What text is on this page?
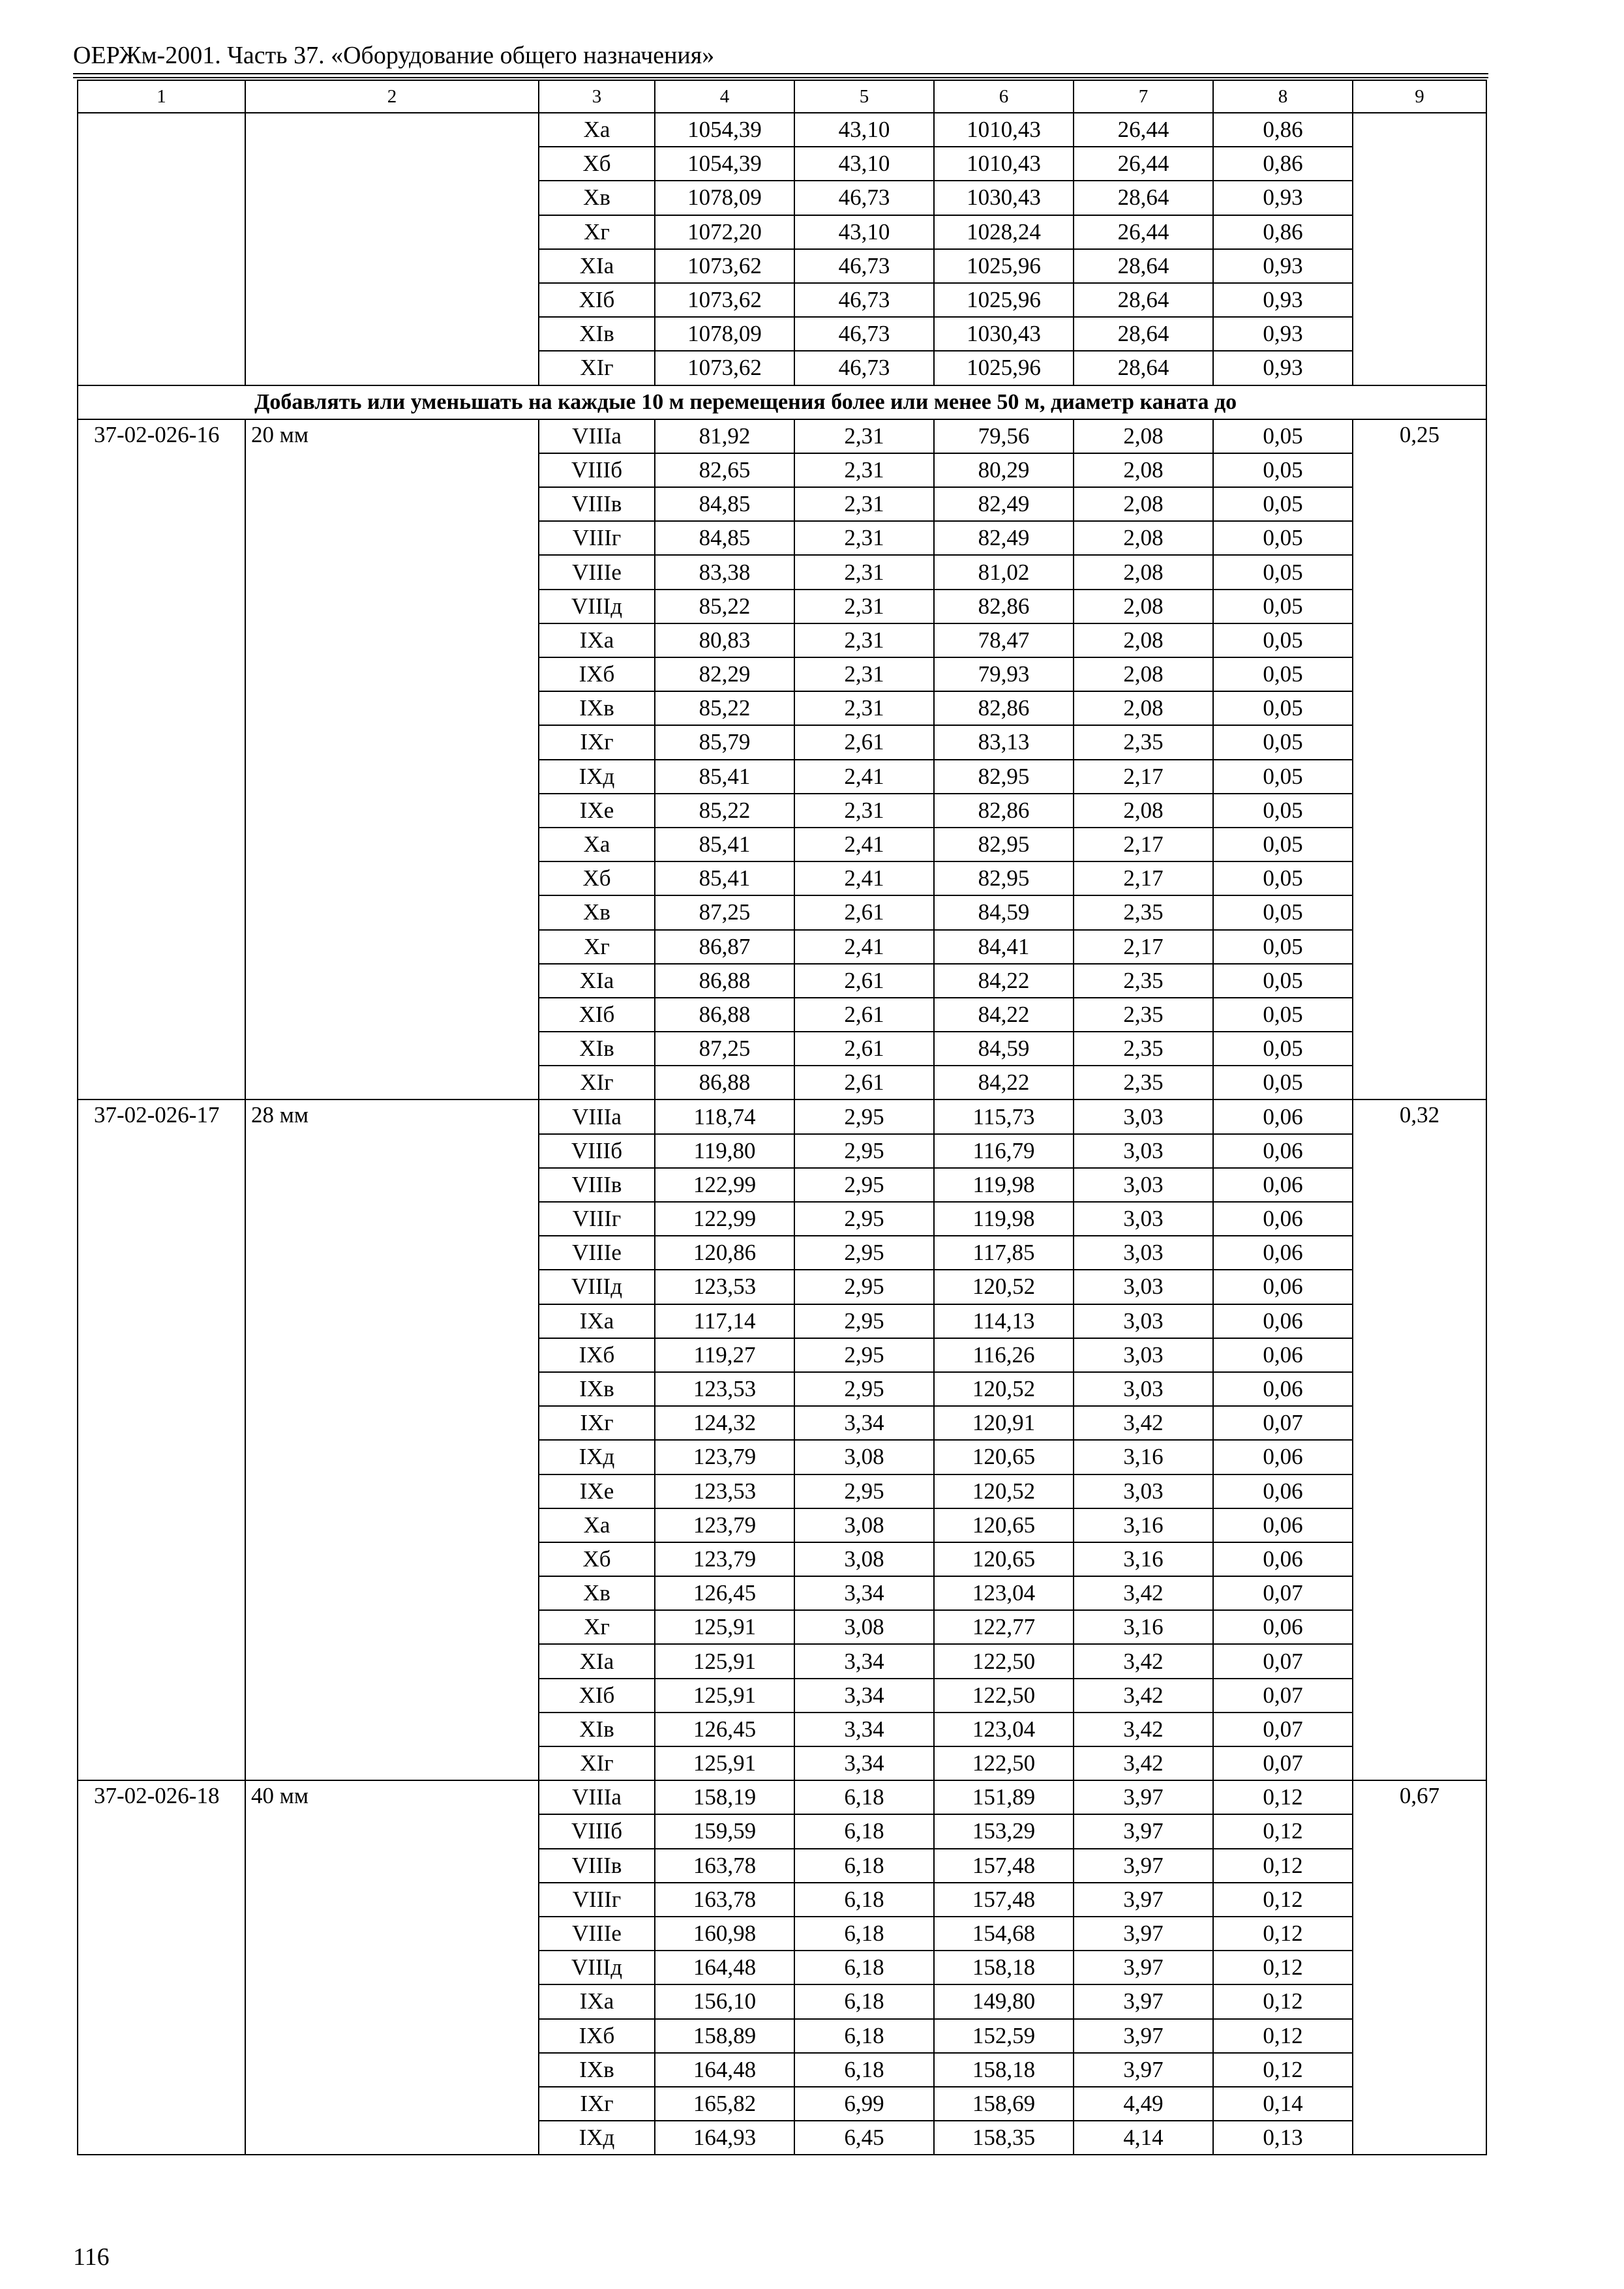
ОЕРЖм-2001. Часть 37. «Оборудование общего назначения»
1	2	3	4	5	6	7	8	9
		Xа	1054,39	43,10	1010,43	26,44	0,86	
		Xб	1054,39	43,10	1010,43	26,44	0,86	
		Xв	1078,09	46,73	1030,43	28,64	0,93	
		Xг	1072,20	43,10	1028,24	26,44	0,86	
		XIа	1073,62	46,73	1025,96	28,64	0,93	
		XIб	1073,62	46,73	1025,96	28,64	0,93	
		XIв	1078,09	46,73	1030,43	28,64	0,93	
		XIг	1073,62	46,73	1025,96	28,64	0,93	
Добавлять или уменьшать на каждые 10 м перемещения более или менее 50 м, диаметр каната до								
37-02-026-16	20 мм	VIIIа	81,92	2,31	79,56	2,08	0,05	0,25
		VIIIб	82,65	2,31	80,29	2,08	0,05	
		VIIIв	84,85	2,31	82,49	2,08	0,05	
		VIIIг	84,85	2,31	82,49	2,08	0,05	
		VIIIе	83,38	2,31	81,02	2,08	0,05	
		VIIIд	85,22	2,31	82,86	2,08	0,05	
		IXа	80,83	2,31	78,47	2,08	0,05	
		IXб	82,29	2,31	79,93	2,08	0,05	
		IXв	85,22	2,31	82,86	2,08	0,05	
		IXг	85,79	2,61	83,13	2,35	0,05	
		IXд	85,41	2,41	82,95	2,17	0,05	
		IXе	85,22	2,31	82,86	2,08	0,05	
		Xа	85,41	2,41	82,95	2,17	0,05	
		Xб	85,41	2,41	82,95	2,17	0,05	
		Xв	87,25	2,61	84,59	2,35	0,05	
		Xг	86,87	2,41	84,41	2,17	0,05	
		XIа	86,88	2,61	84,22	2,35	0,05	
		XIб	86,88	2,61	84,22	2,35	0,05	
		XIв	87,25	2,61	84,59	2,35	0,05	
		XIг	86,88	2,61	84,22	2,35	0,05	
37-02-026-17	28 мм	VIIIа	118,74	2,95	115,73	3,03	0,06	0,32
		VIIIб	119,80	2,95	116,79	3,03	0,06	
		VIIIв	122,99	2,95	119,98	3,03	0,06	
		VIIIг	122,99	2,95	119,98	3,03	0,06	
		VIIIе	120,86	2,95	117,85	3,03	0,06	
		VIIIд	123,53	2,95	120,52	3,03	0,06	
		IXа	117,14	2,95	114,13	3,03	0,06	
		IXб	119,27	2,95	116,26	3,03	0,06	
		IXв	123,53	2,95	120,52	3,03	0,06	
		IXг	124,32	3,34	120,91	3,42	0,07	
		IXд	123,79	3,08	120,65	3,16	0,06	
		IXе	123,53	2,95	120,52	3,03	0,06	
		Xа	123,79	3,08	120,65	3,16	0,06	
		Xб	123,79	3,08	120,65	3,16	0,06	
		Xв	126,45	3,34	123,04	3,42	0,07	
		Xг	125,91	3,08	122,77	3,16	0,06	
		XIа	125,91	3,34	122,50	3,42	0,07	
		XIб	125,91	3,34	122,50	3,42	0,07	
		XIв	126,45	3,34	123,04	3,42	0,07	
		XIг	125,91	3,34	122,50	3,42	0,07	
37-02-026-18	40 мм	VIIIа	158,19	6,18	151,89	3,97	0,12	0,67
		VIIIб	159,59	6,18	153,29	3,97	0,12	
		VIIIв	163,78	6,18	157,48	3,97	0,12	
		VIIIг	163,78	6,18	157,48	3,97	0,12	
		VIIIе	160,98	6,18	154,68	3,97	0,12	
		VIIIд	164,48	6,18	158,18	3,97	0,12	
		IXа	156,10	6,18	149,80	3,97	0,12	
		IXб	158,89	6,18	152,59	3,97	0,12	
		IXв	164,48	6,18	158,18	3,97	0,12	
		IXг	165,82	6,99	158,69	4,49	0,14	
		IXд	164,93	6,45	158,35	4,14	0,13	
116
